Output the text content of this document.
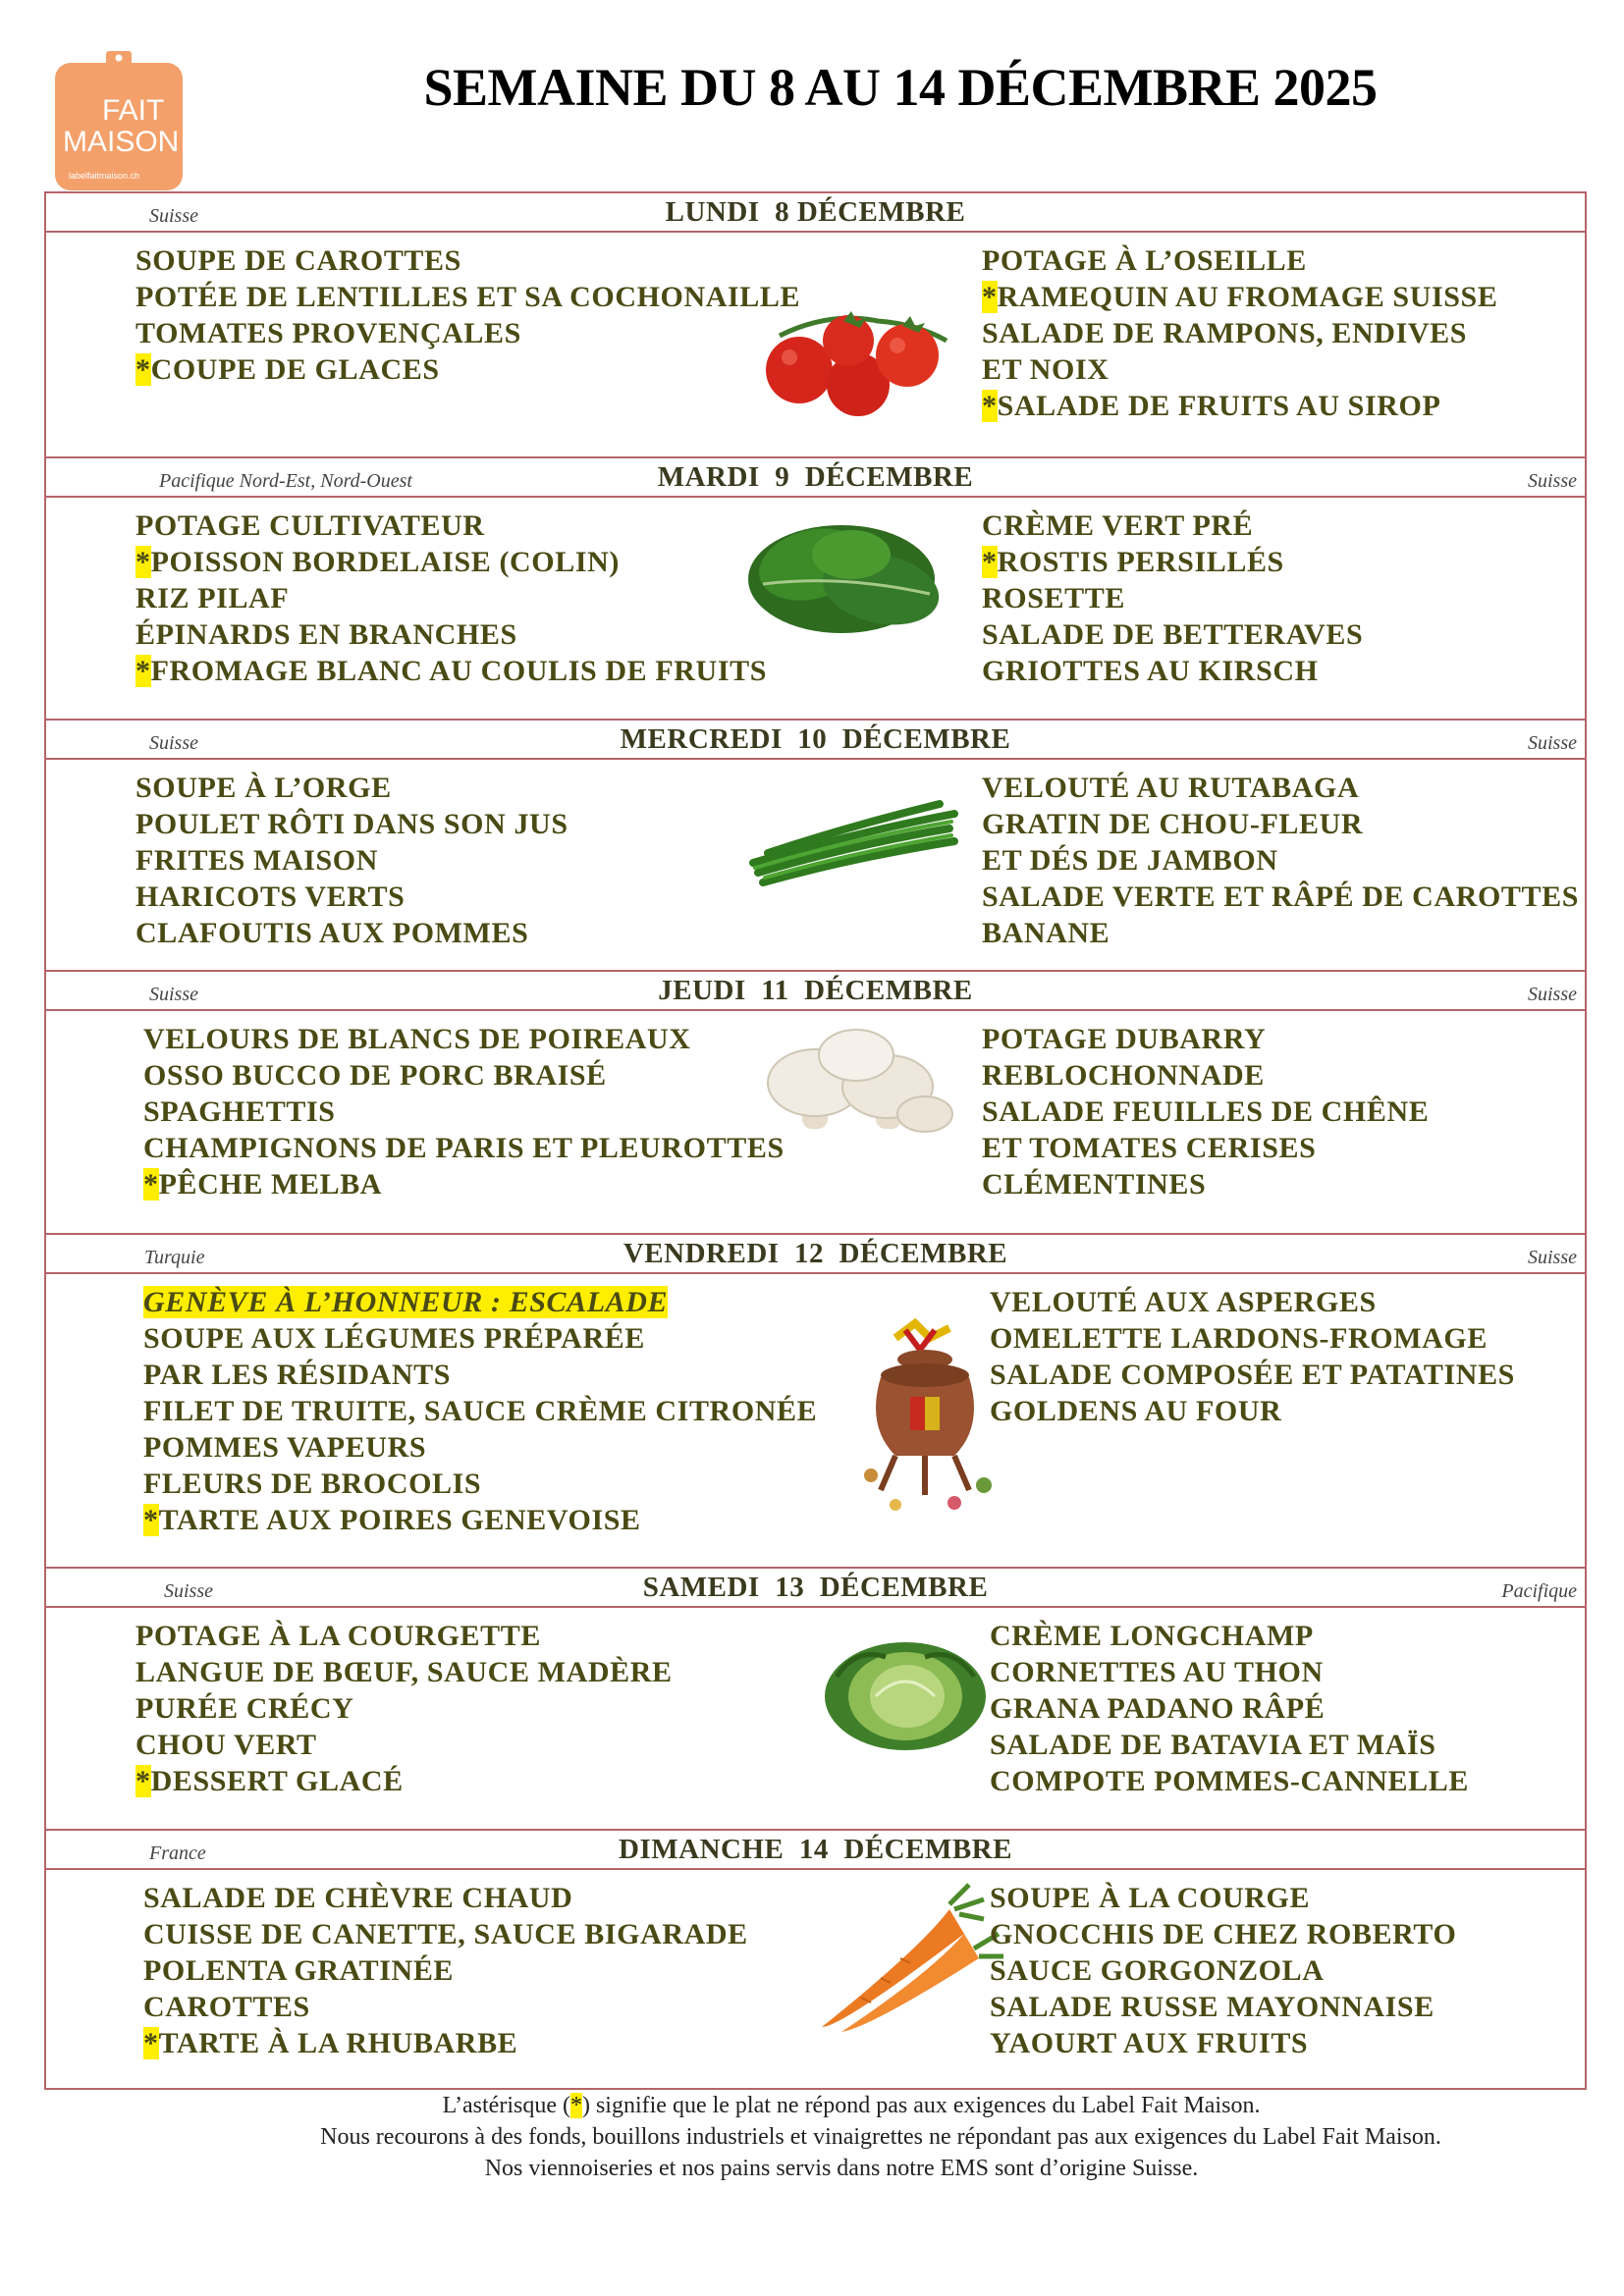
FAIT
MAISON
labelfaitmaison.ch
SEMAINE DU 8 AU 14 DÉCEMBRE 2025
Suisse	LUNDI  8 DÉCEMBRE
SOUPE DE CAROTTES
POTÉE DE LENTILLES ET SA COCHONAILLE
TOMATES PROVENÇALES
*COUPE DE GLACES
POTAGE À L’OSEILLE
*RAMEQUIN AU FROMAGE SUISSE
SALADE DE RAMPONS, ENDIVES
ET NOIX
*SALADE DE FRUITS AU SIROP
Pacifique Nord-Est, Nord-Ouest	MARDI  9  DÉCEMBRE	Suisse
POTAGE CULTIVATEUR
*POISSON BORDELAISE (COLIN)
RIZ PILAF
ÉPINARDS EN BRANCHES
*FROMAGE BLANC AU COULIS DE FRUITS
CRÈME VERT PRÉ
*ROSTIS PERSILLÉS
ROSETTE
SALADE DE BETTERAVES
GRIOTTES AU KIRSCH
Suisse	MERCREDI  10  DÉCEMBRE	Suisse
SOUPE À L’ORGE
POULET RÔTI DANS SON JUS
FRITES MAISON
HARICOTS VERTS
CLAFOUTIS AUX POMMES
VELOUTÉ AU RUTABAGA
GRATIN DE CHOU-FLEUR
ET DÉS DE JAMBON
SALADE VERTE ET RÂPÉ DE CAROTTES
BANANE
Suisse	JEUDI  11  DÉCEMBRE	Suisse
VELOURS DE BLANCS DE POIREAUX
OSSO BUCCO DE PORC BRAISÉ
SPAGHETTIS
CHAMPIGNONS DE PARIS ET PLEUROTTES
*PÊCHE MELBA
POTAGE DUBARRY
REBLOCHONNADE
SALADE FEUILLES DE CHÊNE
ET TOMATES CERISES
CLÉMENTINES
Turquie	VENDREDI  12  DÉCEMBRE	Suisse
GENÈVE À L’HONNEUR : ESCALADE
SOUPE AUX LÉGUMES PRÉPARÉE
PAR LES RÉSIDANTS
FILET DE TRUITE, SAUCE CRÈME CITRONÉE
POMMES VAPEURS
FLEURS DE BROCOLIS
*TARTE AUX POIRES GENEVOISE
VELOUTÉ AUX ASPERGES
OMELETTE LARDONS-FROMAGE
SALADE COMPOSÉE ET PATATINES
GOLDENS AU FOUR
Suisse	SAMEDI  13  DÉCEMBRE	Pacifique
POTAGE À LA COURGETTE
LANGUE DE BŒUF, SAUCE MADÈRE
PURÉE CRÉCY
CHOU VERT
*DESSERT GLACÉ
CRÈME LONGCHAMP
CORNETTES AU THON
GRANA PADANO RÂPÉ
SALADE DE BATAVIA ET MAÏS
COMPOTE POMMES-CANNELLE
France	DIMANCHE  14  DÉCEMBRE
SALADE DE CHÈVRE CHAUD
CUISSE DE CANETTE, SAUCE BIGARADE
POLENTA GRATINÉE
CAROTTES
*TARTE À LA RHUBARBE
SOUPE À LA COURGE
GNOCCHIS DE CHEZ ROBERTO
SAUCE GORGONZOLA
SALADE RUSSE MAYONNAISE
YAOURT AUX FRUITS
L’astérisque (*) signifie que le plat ne répond pas aux exigences du Label Fait Maison.
Nous recourons à des fonds, bouillons industriels et vinaigrettes ne répondant pas aux exigences du Label Fait Maison.
Nos viennoiseries et nos pains servis dans notre EMS sont d’origine Suisse.
